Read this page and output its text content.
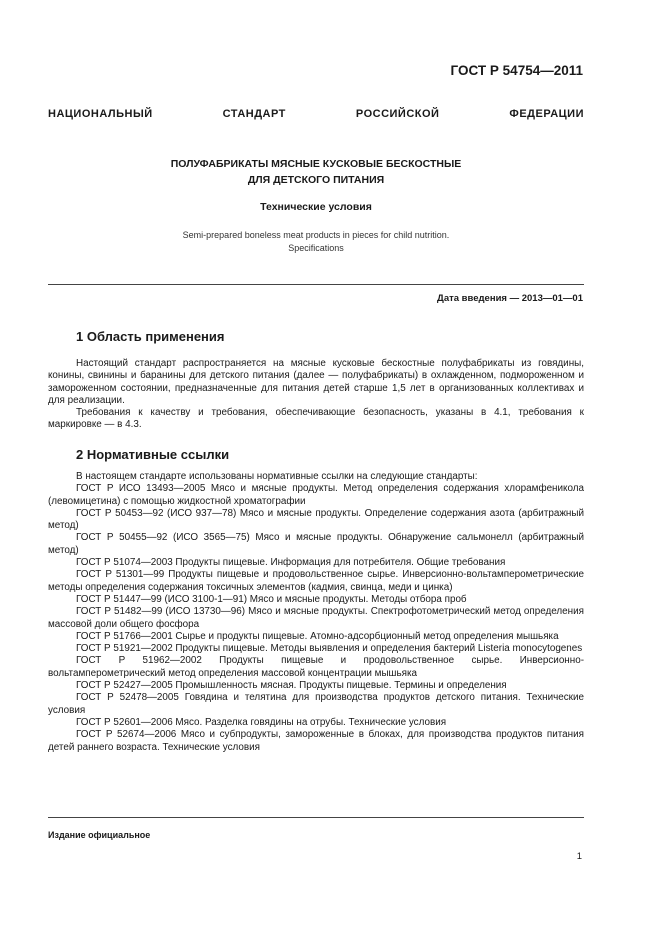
ГОСТ Р 54754—2011
НАЦИОНАЛЬНЫЙ СТАНДАРТ РОССИЙСКОЙ ФЕДЕРАЦИИ
ПОЛУФАБРИКАТЫ МЯСНЫЕ КУСКОВЫЕ БЕСКОСТНЫЕ
ДЛЯ ДЕТСКОГО ПИТАНИЯ
Технические условия
Semi-prepared boneless meat products in pieces for child nutrition.
Specifications
Дата введения — 2013—01—01
1 Область применения

Настоящий стандарт распространяется на мясные кусковые бескостные полуфабрикаты из говядины, конины, свинины и баранины для детского питания (далее — полуфабрикаты) в охлажденном, подмороженном и замороженном состоянии, предназначенные для питания детей старше 1,5 лет в организованных коллективах и для реализации.

Требования к качеству и требования, обеспечивающие безопасность, указаны в 4.1, требования к маркировке — в 4.3.

2 Нормативные ссылки

В настоящем стандарте использованы нормативные ссылки на следующие стандарты:

ГОСТ Р ИСО 13493—2005 Мясо и мясные продукты. Метод определения содержания хлорамфеникола (левомицетина) с помощью жидкостной хроматографии

ГОСТ Р 50453—92 (ИСО 937—78) Мясо и мясные продукты. Определение содержания азота (арбитражный метод)

ГОСТ Р 50455—92 (ИСО 3565—75) Мясо и мясные продукты. Обнаружение сальмонелл (арбитражный метод)

ГОСТ Р 51074—2003 Продукты пищевые. Информация для потребителя. Общие требования

ГОСТ Р 51301—99 Продукты пищевые и продовольственное сырье. Инверсионно-вольтамперометрические методы определения содержания токсичных элементов (кадмия, свинца, меди и цинка)

ГОСТ Р 51447—99 (ИСО 3100-1—91) Мясо и мясные продукты. Методы отбора проб

ГОСТ Р 51482—99 (ИСО 13730—96) Мясо и мясные продукты. Спектрофотометрический метод определения массовой доли общего фосфора

ГОСТ Р 51766—2001 Сырье и продукты пищевые. Атомно-адсорбционный метод определения мышьяка

ГОСТ Р 51921—2002 Продукты пищевые. Методы выявления и определения бактерий Listeria monocytogenes

ГОСТ Р 51962—2002 Продукты пищевые и продовольственное сырье. Инверсионно-вольтамперометрический метод определения массовой концентрации мышьяка

ГОСТ Р 52427—2005 Промышленность мясная. Продукты пищевые. Термины и определения

ГОСТ Р 52478—2005 Говядина и телятина для производства продуктов детского питания. Технические условия

ГОСТ Р 52601—2006 Мясо. Разделка говядины на отрубы. Технические условия

ГОСТ Р 52674—2006 Мясо и субпродукты, замороженные в блоках, для производства продуктов питания детей раннего возраста. Технические условия

Издание официальное
1
